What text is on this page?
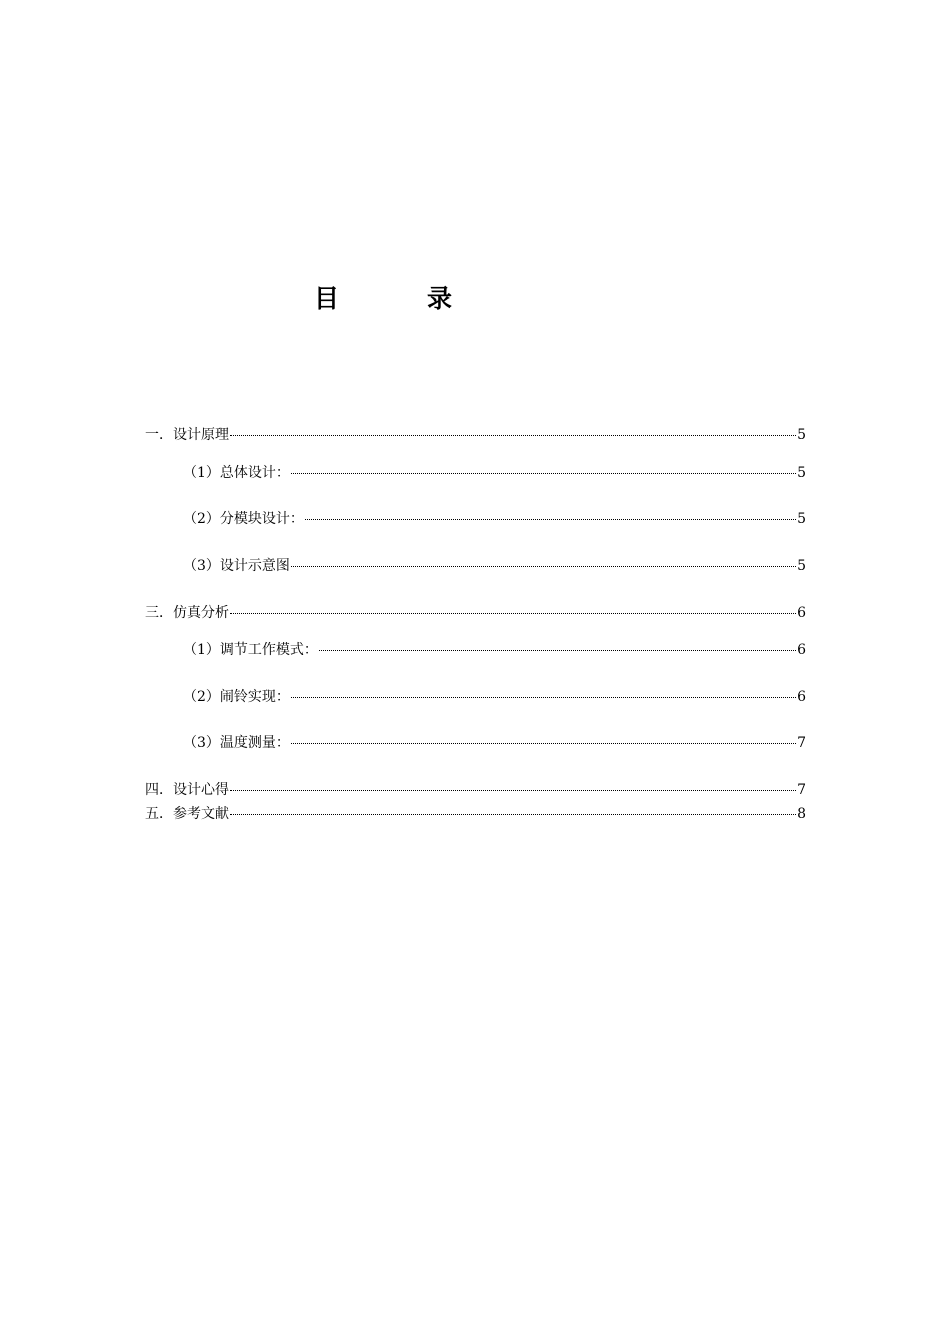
目	录
一．设计原理	5
（1）总体设计：	5
（2）分模块设计：	5
（3）设计示意图	5
三．仿真分析	6
（1）调节工作模式：	6
（2）闹铃实现：	6
（3）温度测量：	7
四．设计心得	7
五．参考文献	8
